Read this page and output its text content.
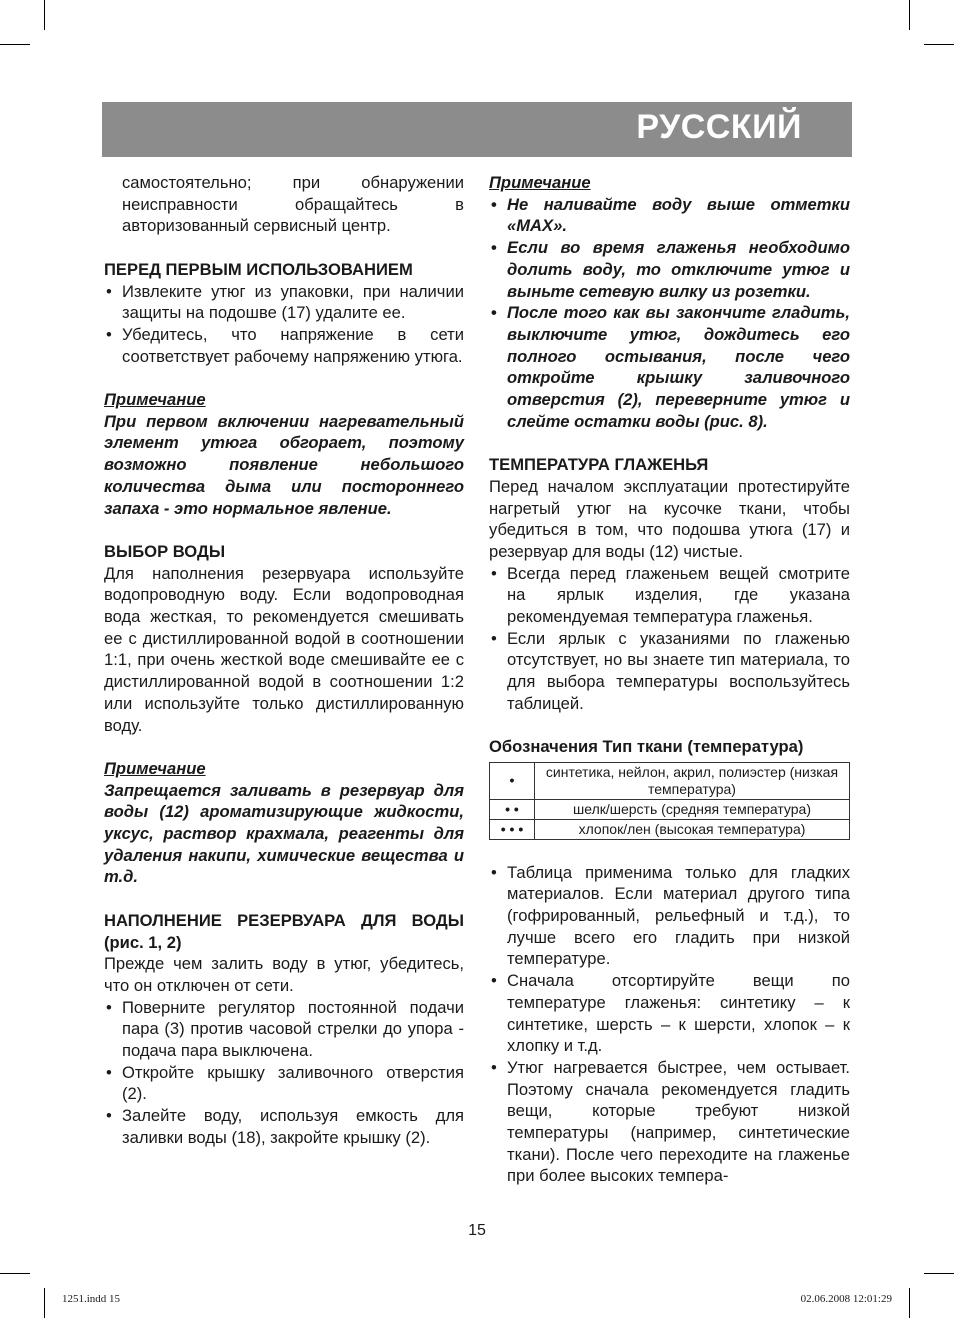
РУССКИЙ

самостоятельно; при обнаружении неисправности обращайтесь в авторизованный сервисный центр.

ПЕРЕД ПЕРВЫМ ИСПОЛЬЗОВАНИЕМ

• Извлеките утюг из упаковки, при наличии защиты на подошве (17) удалите ее.
• Убедитесь, что напряжение в сети соответствует рабочему напряжению утюга.

Примечание

При первом включении нагревательный элемент утюга обгорает, поэтому возможно появление небольшого количества дыма или постороннего запаха - это нормальное явление.

ВЫБОР ВОДЫ

Для наполнения резервуара используйте водопроводную воду. Если водопроводная вода жесткая, то рекомендуется смешивать ее с дистиллированной водой в соотношении 1:1, при очень жесткой воде смешивайте ее с дистиллированной водой в соотношении 1:2 или используйте только дистиллированную воду.

Примечание

Запрещается заливать в резервуар для воды (12) ароматизирующие жидкости, уксус, раствор крахмала, реагенты для удаления накипи, химические вещества и т.д.

НАПОЛНЕНИЕ РЕЗЕРВУАРА ДЛЯ ВОДЫ (рис. 1, 2)

Прежде чем залить воду в утюг, убедитесь, что он отключен от сети.

• Поверните регулятор постоянной подачи пара (3) против часовой стрелки до упора - подача пара выключена.
• Откройте крышку заливочного отверстия (2).
• Залейте воду, используя емкость для заливки воды (18), закройте крышку (2).

Примечание

• Не наливайте воду выше отметки «MAX».
• Если во время глаженья необходимо долить воду, то отключите утюг и выньте сетевую вилку из розетки.
• После того как вы закончите гладить, выключите утюг, дождитесь его полного остывания, после чего откройте крышку заливочного отверстия (2), переверните утюг и слейте остатки воды (рис. 8).

ТЕМПЕРАТУРА ГЛАЖЕНЬЯ

Перед началом эксплуатации протестируйте нагретый утюг на кусочке ткани, чтобы убедиться в том, что подошва утюга (17) и резервуар для воды (12) чистые.

• Всегда перед глаженьем вещей смотрите на ярлык изделия, где указана рекомендуемая температура глаженья.
• Если ярлык с указаниями по глаженью отсутствует, но вы знаете тип материала, то для выбора температуры воспользуйтесь таблицей.

Обозначения Тип ткани (температура)

•	синтетика, нейлон, акрил, полиэстер (низкая температура)
• •	шелк/шерсть (средняя температура)
• • •	хлопок/лен (высокая температура)
• Таблица применима только для гладких материалов. Если материал другого типа (гофрированный, рельефный и т.д.), то лучше всего его гладить при низкой температуре.
• Сначала отсортируйте вещи по температуре глаженья: синтетику – к синтетике, шерсть – к шерсти, хлопок – к хлопку и т.д.
• Утюг нагревается быстрее, чем остывает. Поэтому сначала рекомендуется гладить вещи, которые требуют низкой температуры (например, синтетические ткани). После чего переходите на глаженье при более высоких темпера-
15
1251.indd 15	02.06.2008 12:01:29
